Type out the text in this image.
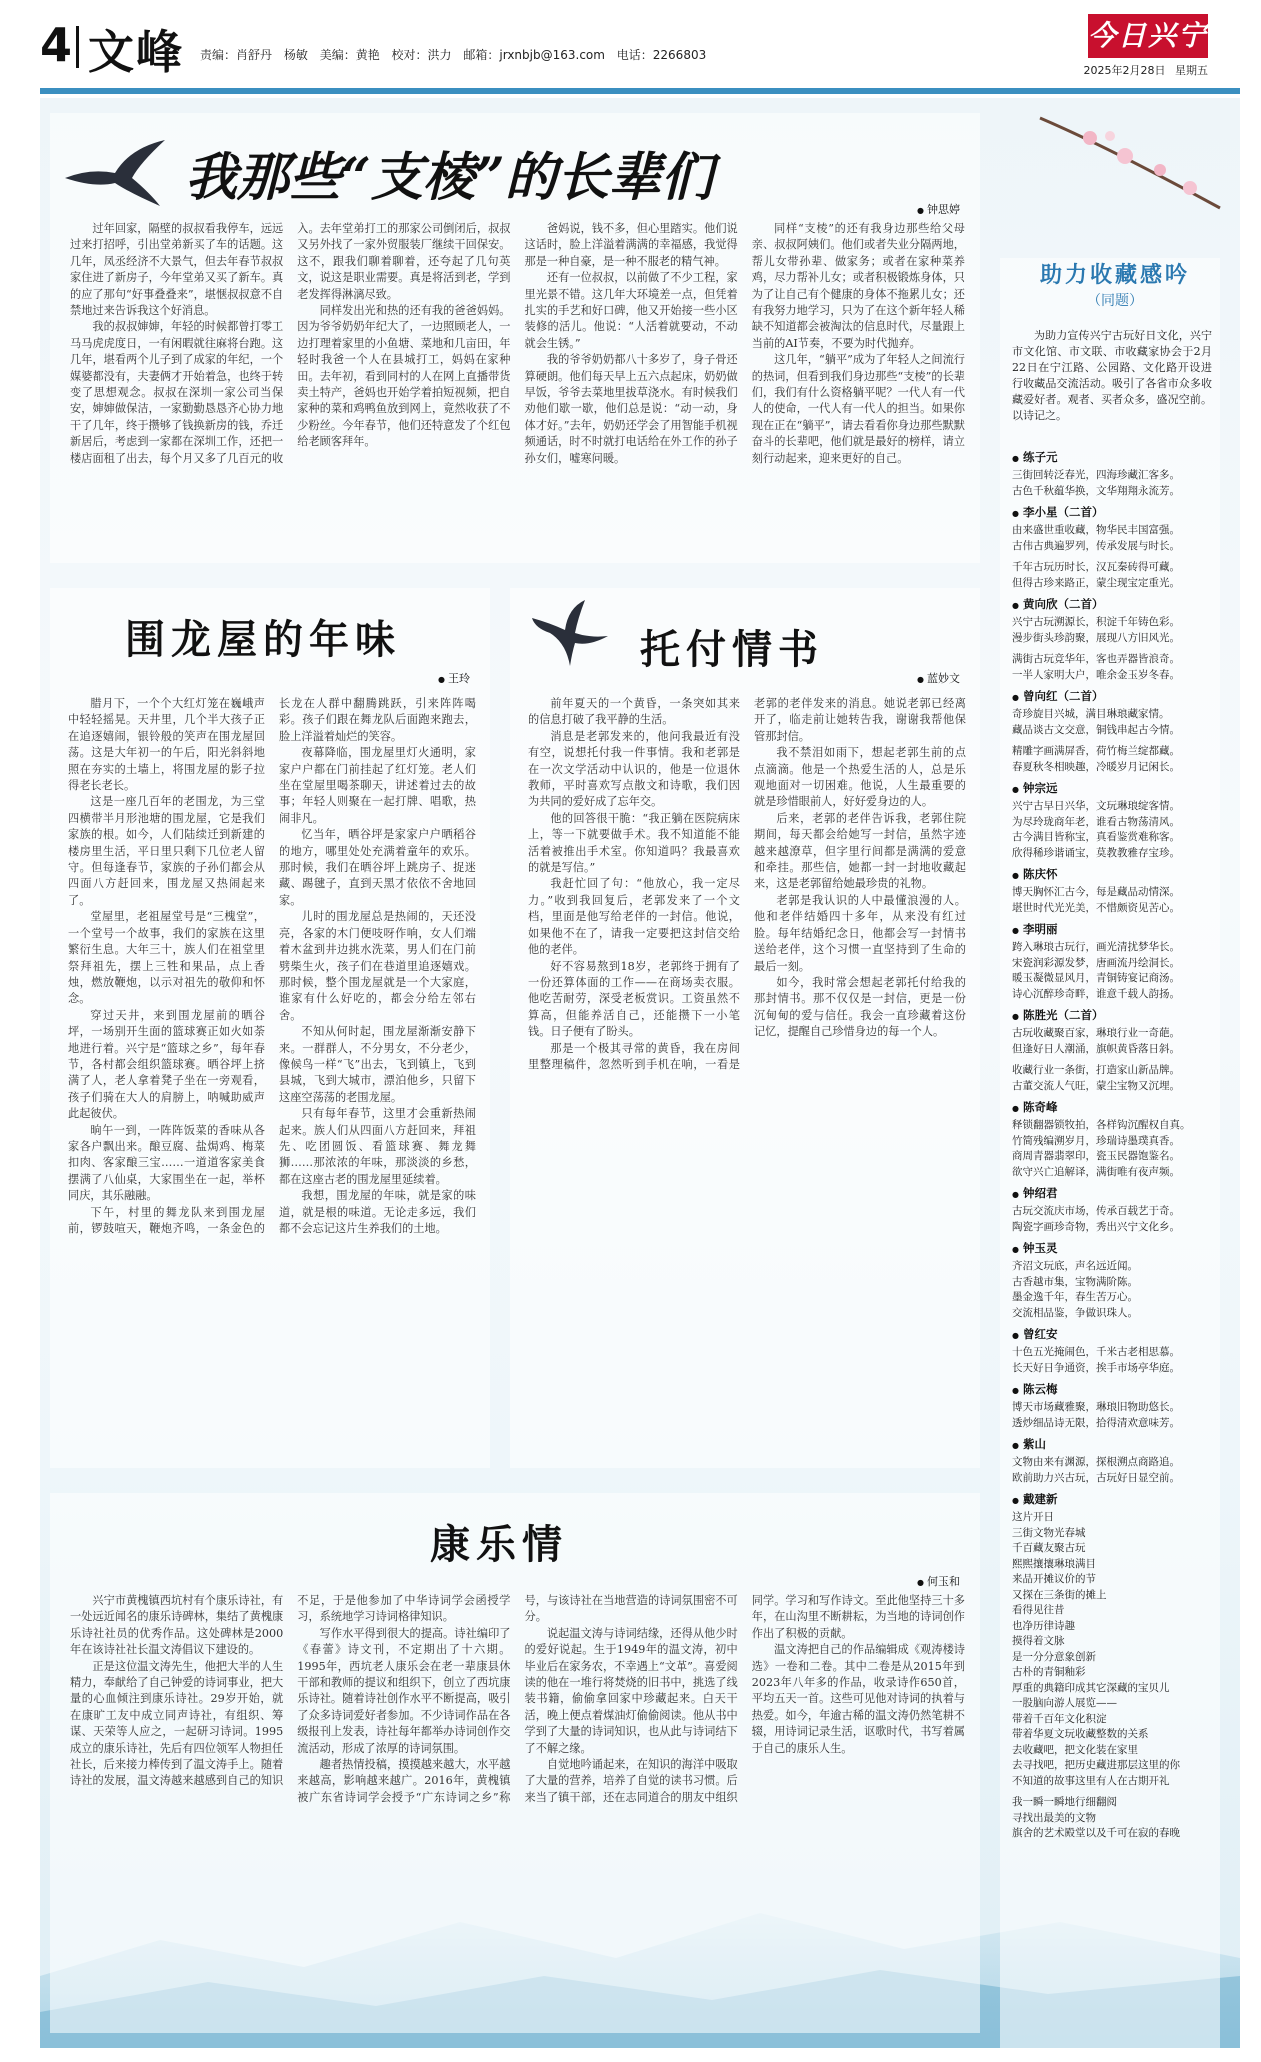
4 文峰 责编：肖舒丹 杨敏 美编：黄艳 校对：洪力 邮箱：jrxnbjb@163.com 电话：2266803
今日兴宁
2025年2月28日 星期五
我那些“支棱”的长辈们
● 钟思婷

过年回家，隔壁的叔叔看我停车，远远过来打招呼，引出堂弟新买了车的话题。这几年，凤丞经济不大景气，但去年春节叔叔家住进了新房子，今年堂弟又买了新车。真的应了那句“好事叠叠来”，堪惬叔叔意不自禁地过来告诉我这个好消息。

我的叔叔婶婶，年轻的时候都曾打零工马马虎虎度日，一有闲暇就往麻将台跑。这几年，堪看两个儿子到了成家的年纪，一个媒婆都没有，夫妻俩才开始着急，也终于转变了思想观念。叔叔在深圳一家公司当保安，婶婶做保洁，一家勤勤恳恳齐心协力地干了几年，终于攒够了钱换新房的钱，乔迁新居后，考虑到一家都在深圳工作，还把一楼店面租了出去，每个月又多了几百元的收入。去年堂弟打工的那家公司倒闭后，叔叔又另外找了一家外贸服装厂继续干回保安。这不，跟我们聊着聊着，还夸起了几句英文，说这是职业需要。真是将活到老，学到老发挥得淋漓尽致。

同样发出光和热的还有我的爸爸妈妈。因为爷爷奶奶年纪大了，一边照顾老人，一边打理着家里的小鱼塘、菜地和几亩田，年轻时我爸一个人在县城打工，妈妈在家种田。去年初，看到同村的人在网上直播带货卖土特产，爸妈也开始学着拍短视频，把自家种的菜和鸡鸭鱼放到网上，竟然收获了不少粉丝。今年春节，他们还特意发了个红包给老顾客拜年。

爸妈说，钱不多，但心里踏实。他们说这话时，脸上洋溢着满满的幸福感，我觉得那是一种自豪，是一种不服老的精气神。

还有一位叔叔，以前做了不少工程，家里光景不错。这几年大环境差一点，但凭着扎实的手艺和好口碑，他又开始接一些小区装修的活儿。他说：“人活着就要动，不动就会生锈。”

我的爷爷奶奶都八十多岁了，身子骨还算硬朗。他们每天早上五六点起床，奶奶做早饭，爷爷去菜地里拔草浇水。有时候我们劝他们歇一歇，他们总是说：“动一动，身体才好。”去年，奶奶还学会了用智能手机视频通话，时不时就打电话给在外工作的孙子孙女们，嘘寒问暖。

同样“支棱”的还有我身边那些给父母亲、叔叔阿姨们。他们或者失业分隔两地，帮儿女带孙辈、做家务；或者在家种菜养鸡，尽力帮补儿女；或者积极锻炼身体，只为了让自己有个健康的身体不拖累儿女；还有我努力地学习，只为了在这个新年轻人稀缺不知道都会被淘汰的信息时代，尽量跟上当前的AI节奏，不要为时代抛弃。

这几年，“躺平”成为了年轻人之间流行的热词，但看到我们身边那些“支棱”的长辈们，我们有什么资格躺平呢？一代人有一代人的使命，一代人有一代人的担当。如果你现在正在“躺平”，请去看看你身边那些默默奋斗的长辈吧，他们就是最好的榜样，请立刻行动起来，迎来更好的自己。

围龙屋的年味
● 王玲

腊月下，一个个大红灯笼在巍峨声中轻轻摇晃。天井里，几个半大孩子正在追逐嬉闹，银铃般的笑声在围龙屋回荡。这是大年初一的午后，阳光斜斜地照在夯实的土墙上，将围龙屋的影子拉得老长老长。

这是一座几百年的老围龙，为三堂四横带半月形池塘的围龙屋，它是我们家族的根。如今，人们陆续迁到新建的楼房里生活，平日里只剩下几位老人留守。但每逢春节，家族的子孙们都会从四面八方赶回来，围龙屋又热闹起来了。

堂屋里，老祖屋堂号是“三槐堂”，一个堂号一个故事，我们的家族在这里繁衍生息。大年三十，族人们在祖堂里祭拜祖先，摆上三牲和果品，点上香烛，燃放鞭炮，以示对祖先的敬仰和怀念。

穿过天井，来到围龙屋前的晒谷坪，一场别开生面的篮球赛正如火如荼地进行着。兴宁是“篮球之乡”，每年春节，各村都会组织篮球赛。晒谷坪上挤满了人，老人拿着凳子坐在一旁观看，孩子们骑在大人的肩膀上，呐喊助威声此起彼伏。

晌午一到，一阵阵饭菜的香味从各家各户飘出来。酿豆腐、盐焗鸡、梅菜扣肉、客家酿三宝……一道道客家美食摆满了八仙桌，大家围坐在一起，举杯同庆，其乐融融。

下午，村里的舞龙队来到围龙屋前，锣鼓喧天，鞭炮齐鸣，一条金色的长龙在人群中翻腾跳跃，引来阵阵喝彩。孩子们跟在舞龙队后面跑来跑去，脸上洋溢着灿烂的笑容。

夜幕降临，围龙屋里灯火通明，家家户户都在门前挂起了红灯笼。老人们坐在堂屋里喝茶聊天，讲述着过去的故事；年轻人则聚在一起打牌、唱歌，热闹非凡。

忆当年，晒谷坪是家家户户晒稻谷的地方，哪里处处充满着童年的欢乐。那时候，我们在晒谷坪上跳房子、捉迷藏、踢毽子，直到天黑才依依不舍地回家。

儿时的围龙屋总是热闹的，天还没亮，各家的木门便吱呀作响，女人们端着木盆到井边挑水洗菜，男人们在门前劈柴生火，孩子们在巷道里追逐嬉戏。那时候，整个围龙屋就是一个大家庭，谁家有什么好吃的，都会分给左邻右舍。

不知从何时起，围龙屋渐渐安静下来。一群群人，不分男女，不分老少，像候鸟一样“飞”出去，飞到镇上，飞到县城，飞到大城市，漂泊他乡，只留下这座空荡荡的老围龙屋。

只有每年春节，这里才会重新热闹起来。族人们从四面八方赶回来，拜祖先、吃团圆饭、看篮球赛、舞龙舞狮……那浓浓的年味，那淡淡的乡愁，都在这座古老的围龙屋里延续着。

我想，围龙屋的年味，就是家的味道，就是根的味道。无论走多远，我们都不会忘记这片生养我们的土地。

托付情书
● 蓝妙文

前年夏天的一个黄昏，一条突如其来的信息打破了我平静的生活。

消息是老郭发来的，他问我最近有没有空，说想托付我一件事情。我和老郭是在一次文学活动中认识的，他是一位退休教师，平时喜欢写点散文和诗歌，我们因为共同的爱好成了忘年交。

他的回答很干脆：“我正躺在医院病床上，等一下就要做手术。我不知道能不能活着被推出手术室。你知道吗？我最喜欢的就是写信。”

我赶忙回了句：“他放心，我一定尽力。”收到我回复后，老郭发来了一个文档，里面是他写给老伴的一封信。他说，如果他不在了，请我一定要把这封信交给他的老伴。

好不容易熬到18岁，老郭终于拥有了一份还算体面的工作——在商场卖衣服。他吃苦耐劳，深受老板赏识。工资虽然不算高，但能养活自己，还能攒下一小笔钱。日子便有了盼头。

那是一个极其寻常的黄昏，我在房间里整理稿件，忽然听到手机在响，一看是老郭的老伴发来的消息。她说老郭已经离开了，临走前让她转告我，谢谢我帮他保管那封信。

我不禁泪如雨下，想起老郭生前的点点滴滴。他是一个热爱生活的人，总是乐观地面对一切困难。他说，人生最重要的就是珍惜眼前人，好好爱身边的人。

后来，老郭的老伴告诉我，老郭住院期间，每天都会给她写一封信，虽然字迹越来越潦草，但字里行间都是满满的爱意和牵挂。那些信，她都一封一封地收藏起来，这是老郭留给她最珍贵的礼物。

老郭是我认识的人中最懂浪漫的人。他和老伴结婚四十多年，从来没有红过脸。每年结婚纪念日，他都会写一封情书送给老伴，这个习惯一直坚持到了生命的最后一刻。

如今，我时常会想起老郭托付给我的那封情书。那不仅仅是一封信，更是一份沉甸甸的爱与信任。我会一直珍藏着这份记忆，提醒自己珍惜身边的每一个人。

康乐情
● 何玉和

兴宁市黄槐镇西坑村有个康乐诗社，有一处远近闻名的康乐诗碑林，集结了黄槐康乐诗社社员的优秀作品。这处碑林是2000年在该诗社社长温文涛倡议下建设的。

正是这位温文涛先生，他把大半的人生精力，奉献给了自己钟爱的诗词事业，把大量的心血倾注到康乐诗社。29岁开始，就在康旷工友中成立同声诗社，有组织、筹谋、天荣等人应之，一起研习诗词。1995成立的康乐诗社，先后有四位领军人物担任社长，后来接力棒传到了温文涛手上。随着诗社的发展，温文涛越来越感到自己的知识不足，于是他参加了中华诗词学会函授学习，系统地学习诗词格律知识。

写作水平得到很大的提高。诗社编印了《春蕾》诗文刊，不定期出了十六期。1995年，西坑老人康乐会在老一辈康县休干部和教师的提议和组织下，创立了西坑康乐诗社。随着诗社创作水平不断提高，吸引了众多诗词爱好者参加。不少诗词作品在各级报刊上发表，诗社每年都举办诗词创作交流活动，形成了浓厚的诗词氛围。

趣者热情投稿，摸摸越来越大，水平越来越高，影响越来越广。2016年，黄槐镇被广东省诗词学会授予“广东诗词之乡”称号，与该诗社在当地营造的诗词氛围密不可分。

说起温文涛与诗词结缘，还得从他少时的爱好说起。生于1949年的温文涛，初中毕业后在家务农，不幸遇上“文革”。喜爱阅读的他在一堆行将焚烧的旧书中，挑选了线装书籍，偷偷拿回家中珍藏起来。白天干活，晚上便点着煤油灯偷偷阅读。他从书中学到了大量的诗词知识，也从此与诗词结下了不解之缘。

自觉地吟诵起来，在知识的海洋中吸取了大量的营养，培养了自觉的读书习惯。后来当了镇干部，还在志同道合的朋友中组织同学。学习和写作诗文。至此他坚持三十多年，在山沟里不断耕耘，为当地的诗词创作作出了积极的贡献。

温文涛把自己的作品编辑成《观涛楼诗选》一卷和二卷。其中二卷是从2015年到2023年八年多的作品，收录诗作650首，平均五天一首。这些可见他对诗词的执着与热爱。如今，年逾古稀的温文涛仍然笔耕不辍，用诗词记录生活，讴歌时代，书写着属于自己的康乐人生。

助力收藏感吟
（同题）
为助力宣传兴宁古玩好日文化，兴宁市文化馆、市文联、市收藏家协会于2月22日在宁江路、公园路、文化路开设进行收藏品交流活动。吸引了各省市众多收藏爱好者。观者、买者众多，盛况空前。以诗记之。
● 练子元
三街回转泛春光，四海珍藏汇客多。
古色千秋蕴华换，文华翔翔永流芳。
● 李小星（二首）
由来盛世重收藏，物华民丰国富强。
古伟古典遍罗列，传承发展与时长。
千年古玩历时长，汉瓦秦砖得可藏。
但得古珍来路正，蒙尘现宝定重光。
● 黄向欣（二首）
兴宁古玩溯源长，积淀千年铸色彩。
漫步街头珍韵聚，展现八方旧风光。
满街古玩竞华年，客也弄器皆浪奇。
一半人家明大户，唯余金玉岁冬春。
● 曾向红（二首）
奇珍旋目兴城，满目琳琅藏家情。
藏品谈古文交意，铜钱串起古今情。
精雕字画满屏香，荷竹梅兰绽都藏。
春夏秋冬相映趣，冷暖岁月记闲长。
● 钟宗远
兴宁古早日兴华，文玩琳琅绽客情。
为尽玲珑商年老，谁看古物荡清风。
古今满目皆称宝，真看鉴赏难称客。
欣得稀珍谐诵宝，莫教教雅存宝珍。
● 陈庆怀
博天胸怀汇古今，每是藏品动情深。
堪世时代光光美，不惜颇资见苦心。
● 李明丽
跨入琳琅古玩行，画光清扰梦华长。
宋瓷润彩源发梦，唐画流丹绘洞长。
暖玉凝微显风月，青铜铸宴记商汤。
诗心沉醉珍奇畔，谁意千载人韵扬。
● 陈胜光（二首）
古玩收藏聚百家，琳琅行业一奇葩。
但逢好日人潮涌，旗帜黄昏落日斜。
收藏行业一条街，打造家山新品牌。
古董交流人气旺，蒙尘宝物又沉埋。
● 陈奇峰
释锁翻器锁牧拍，各样钩沉醒权自真。
竹简残编溯岁月，珍瑞诗墨璞真香。
商周青器翡翠印，瓷玉民器饱鉴名。
欲守兴亡追解译，满街唯有夜声频。
● 钟绍君
古玩交流庆市场，传承百载艺于奇。
陶瓷字画珍奇物，秀出兴宁文化乡。
● 钟玉灵
齐沼文玩底，声名远近闻。
古香越市集，宝物满阶陈。
墨金逸千年，春生苦万心。
交流相品鉴，争做识珠人。
● 曾红安
十色五光掩闹色，千米古老相思慕。
长天好日争通资，挨手市场亭华庭。
● 陈云梅
博天市场藏雅聚，琳琅旧物助悠长。
透炒细品诗无限，拾得清欢意味芳。
● 紫山
文物由来有渊源，探根溯点商路追。
欧前助力兴古玩，古玩好日显空前。
● 戴建新
这片开日
三街文物光春城
千百藏友聚古玩
熙熙攘攘琳琅满目
来品开摊议价的节
又探在三条街的摊上
看得见往昔
也净历律诗趣
摸得着文脉
是一分分意象创新
古朴的青铜釉彩
厚重的典籍印成其它深藏的宝贝儿
一股脑向游人展览——
带着千百年文化积淀
带着华夏文玩收藏整数的关系
去收藏吧，把文化装在家里
去寻找吧，把历史藏进那层这里的你
不知道的故事这里有人在古期开礼
我一瞬一瞬地行细翻阅
寻找出最美的文物
旗舍的艺术殿堂以及千可在寂的春晚
